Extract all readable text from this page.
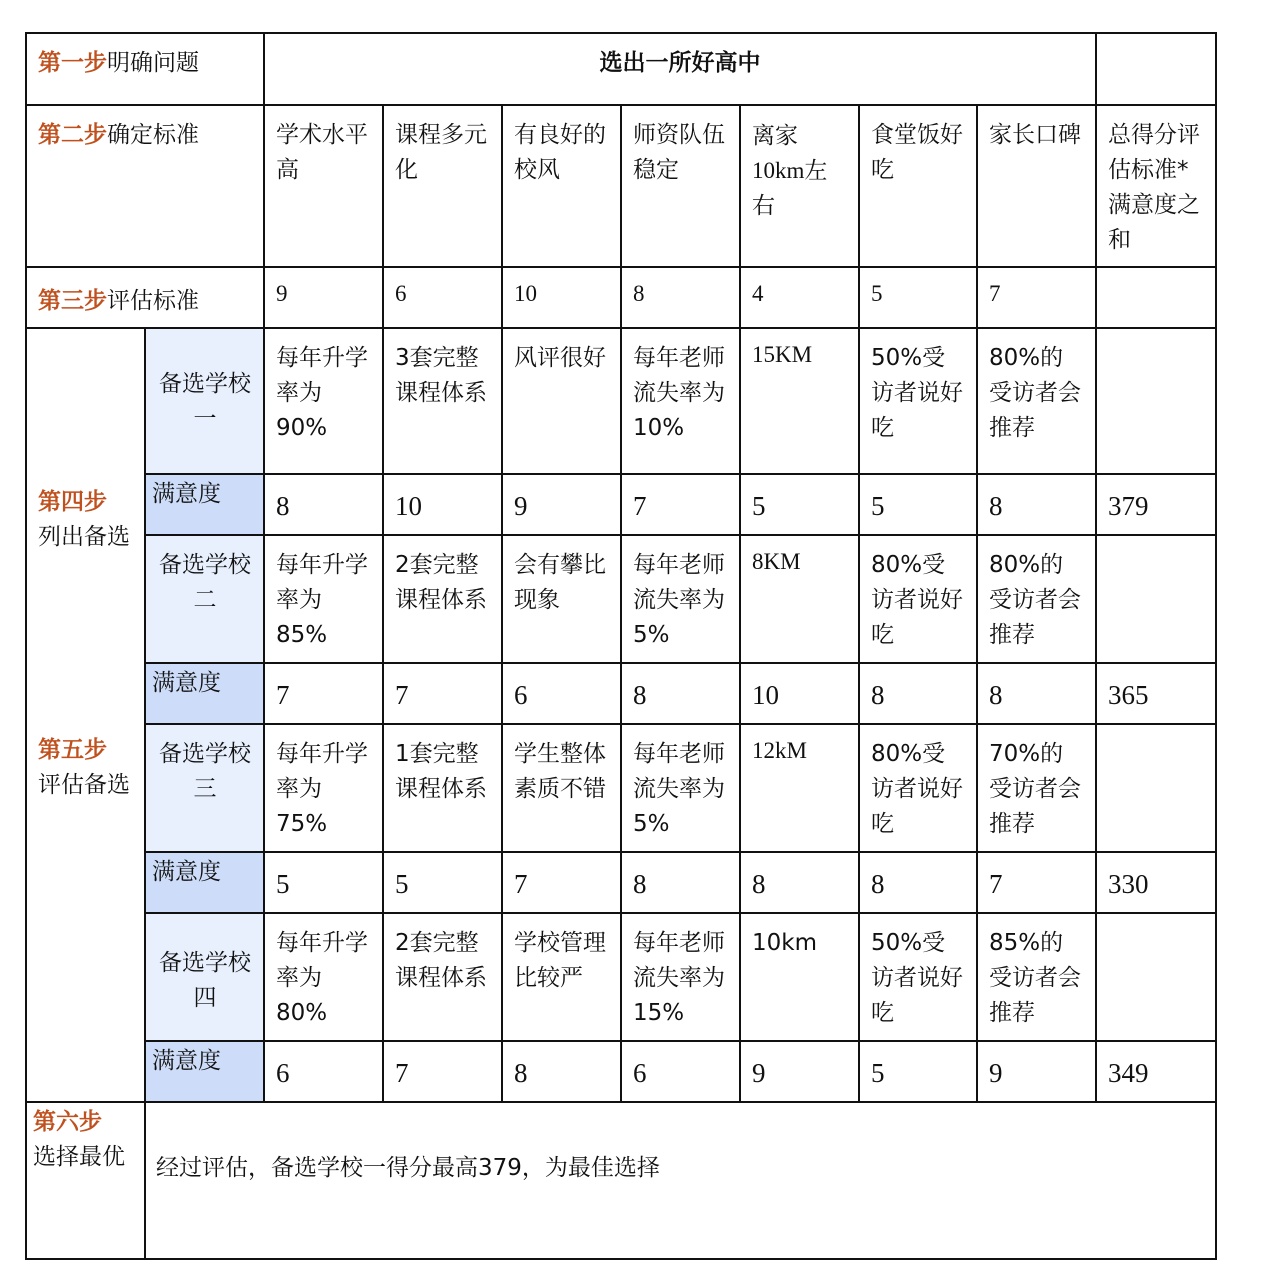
第一步明确问题		选出一所好高中							
第二步确定标准		学术水平高	课程多元化	有良好的校风	师资队伍稳定	离家10km左右	食堂饭好吃	家长口碑	总得分评估标准*满意度之和
第三步评估标准		9	6	10	8	4	5	7	

第四步
列出备选
第五步
评估备选	备选学校一	每年升学率为90%	3套完整课程体系	风评很好	每年老师流失率为10%	15KM	50%受访者说好吃	80%的受访者会推荐	
	满意度	8	10	9	7	5	5	8	379
	备选学校二	每年升学率为85%	2套完整课程体系	会有攀比现象	每年老师流失率为5%	8KM	80%受访者说好吃	80%的受访者会推荐	
	满意度	7	7	6	8	10	8	8	365
	备选学校三	每年升学率为75%	1套完整课程体系	学生整体素质不错	每年老师流失率为5%	12kM	80%受访者说好吃	70%的受访者会推荐	
	满意度	5	5	7	8	8	8	7	330
	备选学校四	每年升学率为80%	2套完整课程体系	学校管理比较严	每年老师流失率为15%	10km	50%受访者说好吃	85%的受访者会推荐	
	满意度	6	7	8	6	9	5	9	349
第六步
选择最优	经过评估，备选学校一得分最高379，为最佳选择								
